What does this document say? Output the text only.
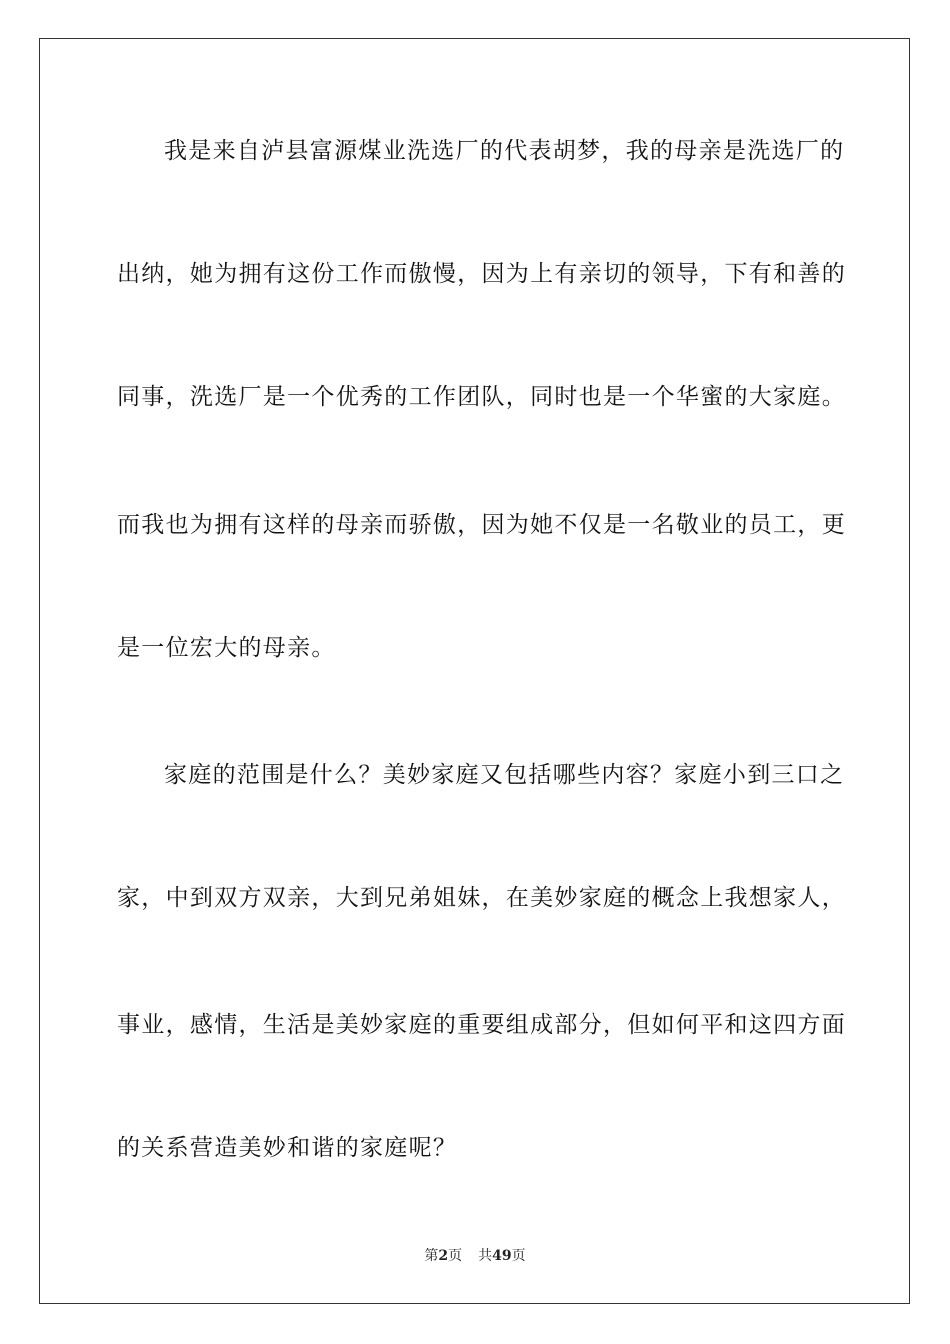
我是来自泸县富源煤业洗选厂的代表胡梦，我的母亲是洗选厂的
出纳，她为拥有这份工作而傲慢，因为上有亲切的领导，下有和善的
同事，洗选厂是一个优秀的工作团队，同时也是一个华蜜的大家庭。
而我也为拥有这样的母亲而骄傲，因为她不仅是一名敬业的员工，更
是一位宏大的母亲。
家庭的范围是什么？美妙家庭又包括哪些内容？家庭小到三口之
家，中到双方双亲，大到兄弟姐妹，在美妙家庭的概念上我想家人，
事业，感情，生活是美妙家庭的重要组成部分，但如何平和这四方面
的关系营造美妙和谐的家庭呢？
第2页 共49页
